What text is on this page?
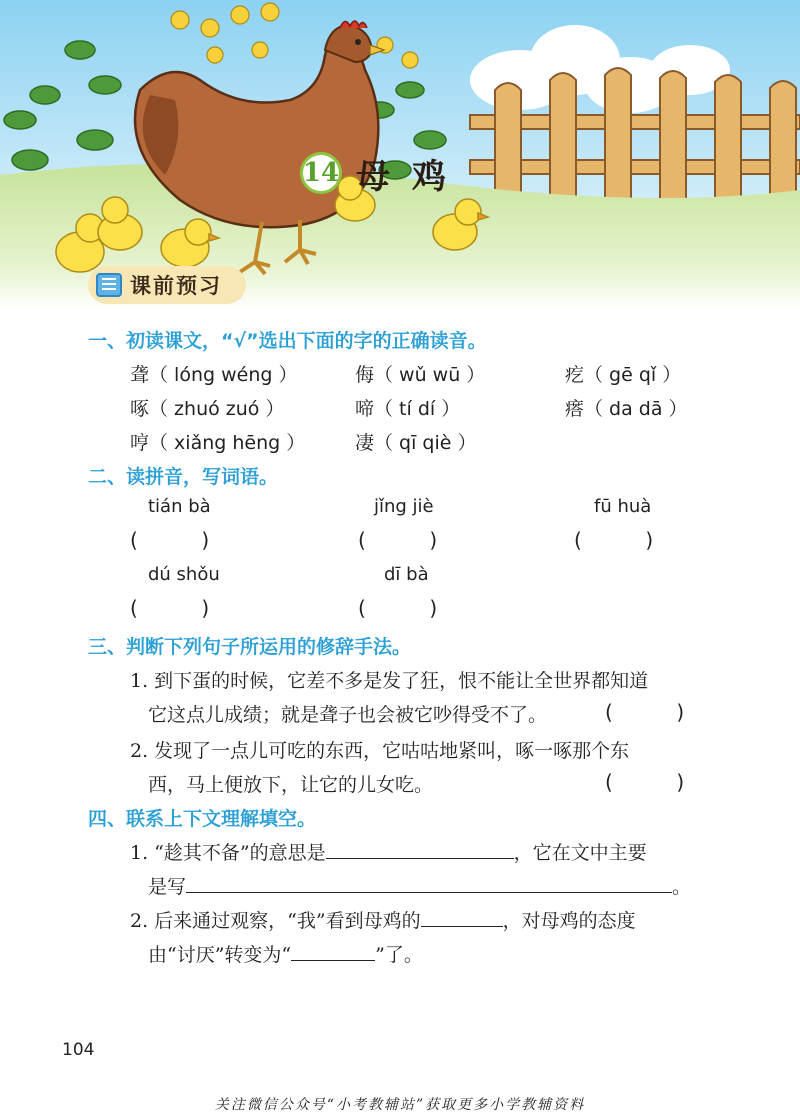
14 母鸡
课前预习
一、初读课文，“√”选出下面的字的正确读音。
聋（ lóng wéng ）	侮（ wǔ wū ）	疙（ gē qǐ ）
啄（ zhuó zuó ）	啼（ tí dí ）	瘩（ da dā ）
哼（ xiǎng hēng ）	凄（ qī qiè ）
二、读拼音，写词语。
tián bà	jǐng jiè	fū huà
(          )	(          )	(          )
dú shǒu	dī bà
(          )	(          )
三、判断下列句子所运用的修辞手法。
1. 到下蛋的时候，它差不多是发了狂，恨不能让全世界都知道
它这点儿成绩；就是聋子也会被它吵得受不了。	(          )
2. 发现了一点儿可吃的东西，它咕咕地紧叫，啄一啄那个东
西，马上便放下，让它的儿女吃。	(          )
四、联系上下文理解填空。
1. “趁其不备”的意思是	，它在文中主要
是写	。
2. 后来通过观察，“我”看到母鸡的	，对母鸡的态度
由“讨厌”转变为“	”了。
104
关注微信公众号“小考教辅站”获取更多小学教辅资料
